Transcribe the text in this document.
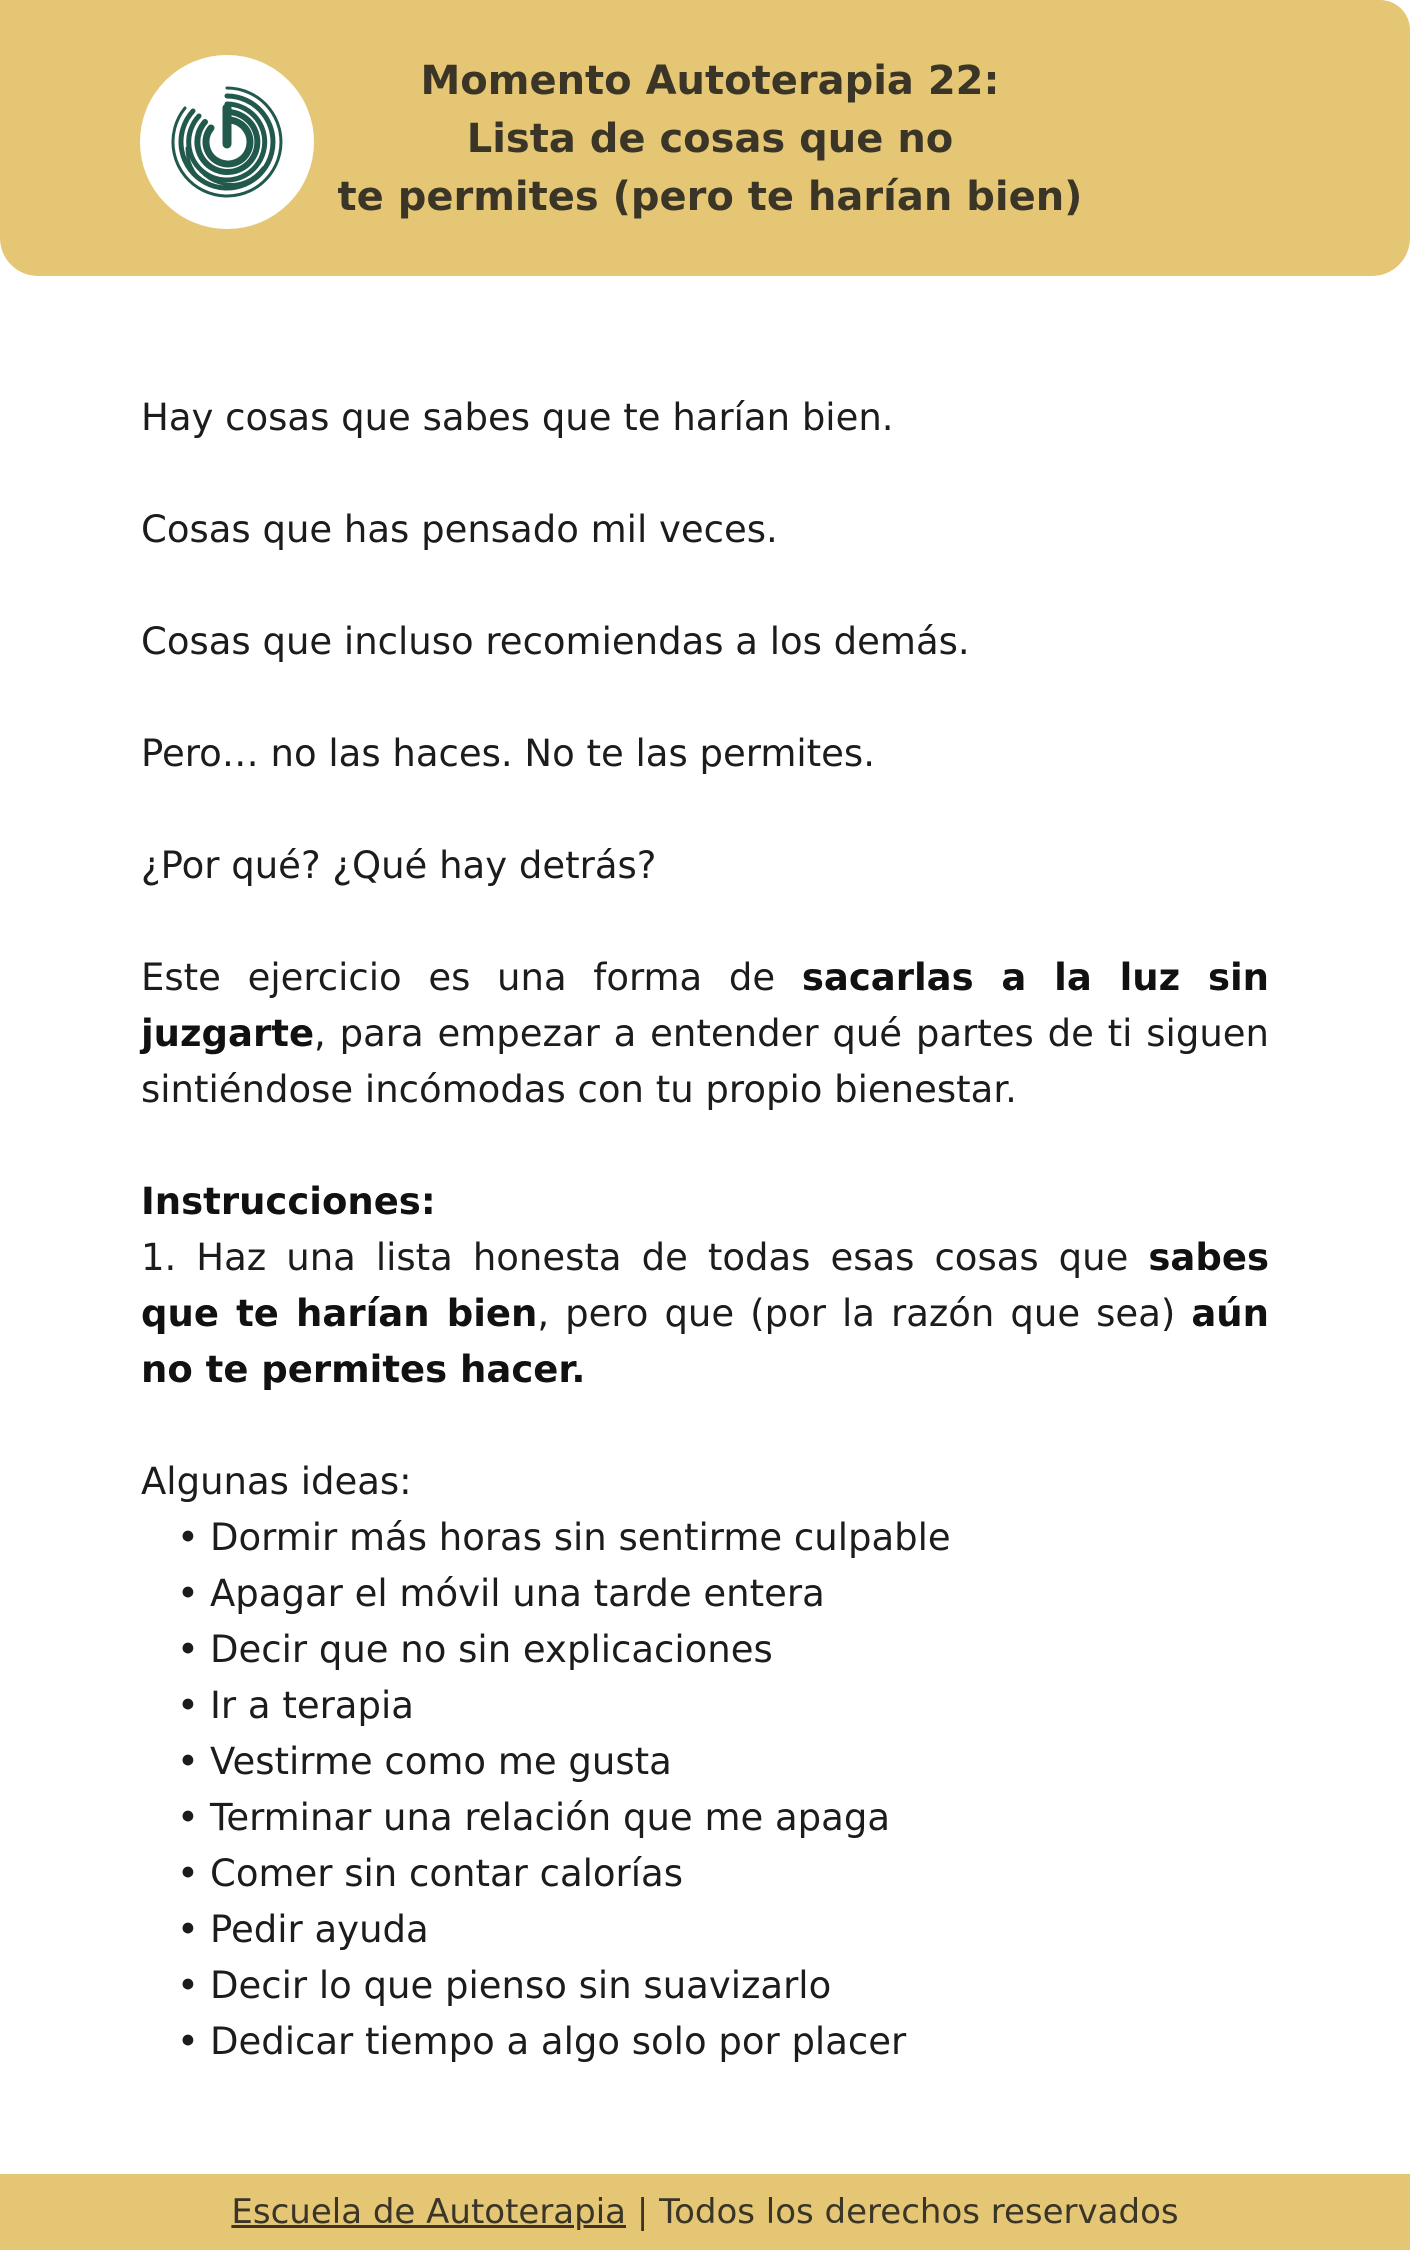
Momento Autoterapia 22:
Lista de cosas que no
te permites (pero te harían bien)

Hay cosas que sabes que te harían bien.

Cosas que has pensado mil veces.

Cosas que incluso recomiendas a los demás.

Pero… no las haces. No te las permites.

¿Por qué? ¿Qué hay detrás?

Este ejercicio es una forma de sacarlas a la luz sin juzgarte, para empezar a entender qué partes de ti siguen sintiéndose incómodas con tu propio bienestar.

Instrucciones:

1. Haz una lista honesta de todas esas cosas que sabes que te harían bien, pero que (por la razón que sea) aún no te permites hacer.

Algunas ideas:

• Dormir más horas sin sentirme culpable
• Apagar el móvil una tarde entera
• Decir que no sin explicaciones
• Ir a terapia
• Vestirme como me gusta
• Terminar una relación que me apaga
• Comer sin contar calorías
• Pedir ayuda
• Decir lo que pienso sin suavizarlo
• Dedicar tiempo a algo solo por placer
Escuela de Autoterapia | Todos los derechos reservados
